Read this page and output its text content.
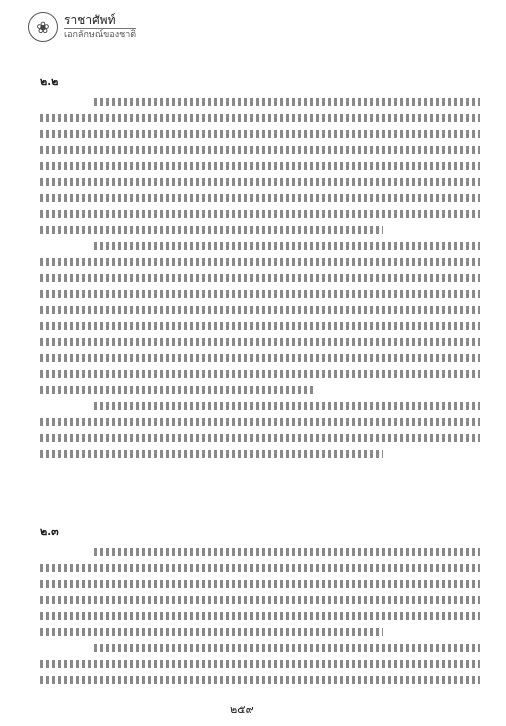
❀	ราชาศัพท์
เอกลักษณ์ของชาติ
๒.๒
๒.๓
๒๕๙
